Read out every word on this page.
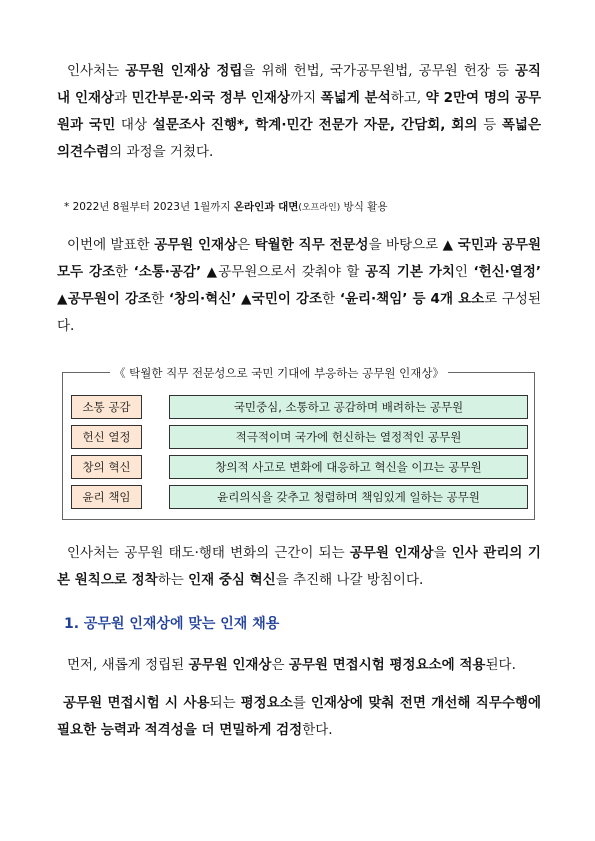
인사처는 공무원 인재상 정립을 위해 헌법, 국가공무원법, 공무원 헌장 등 공직 내 인재상과 민간부문·외국 정부 인재상까지 폭넓게 분석하고, 약 2만여 명의 공무원과 국민 대상 설문조사 진행*, 학계·민간 전문가 자문, 간담회, 회의 등 폭넓은 의견수렴의 과정을 거쳤다.
* 2022년 8월부터 2023년 1월까지 온라인과 대면(오프라인) 방식 활용
이번에 발표한 공무원 인재상은 탁월한 직무 전문성을 바탕으로 ▲ 국민과 공무원 모두 강조한 ‘소통·공감’ ▲공무원으로서 갖춰야 할 공직 기본 가치인 ‘헌신·열정’ ▲공무원이 강조한 ‘창의·혁신’ ▲국민이 강조한 ‘윤리·책임’ 등 4개 요소로 구성된다.
《 탁월한 직무 전문성으로 국민 기대에 부응하는 공무원 인재상》
소통 공감	국민중심, 소통하고 공감하며 배려하는 공무원
헌신 열정	적극적이며 국가에 헌신하는 열정적인 공무원
창의 혁신	창의적 사고로 변화에 대응하고 혁신을 이끄는 공무원
윤리 책임	윤리의식을 갖추고 청렴하며 책임있게 일하는 공무원
인사처는 공무원 태도·행태 변화의 근간이 되는 공무원 인재상을 인사 관리의 기본 원칙으로 정착하는 인재 중심 혁신을 추진해 나갈 방침이다.
1. 공무원 인재상에 맞는 인재 채용
먼저, 새롭게 정립된 공무원 인재상은 공무원 면접시험 평정요소에 적용된다.
공무원 면접시험 시 사용되는 평정요소를 인재상에 맞춰 전면 개선해 직무수행에 필요한 능력과 적격성을 더 면밀하게 검정한다.
